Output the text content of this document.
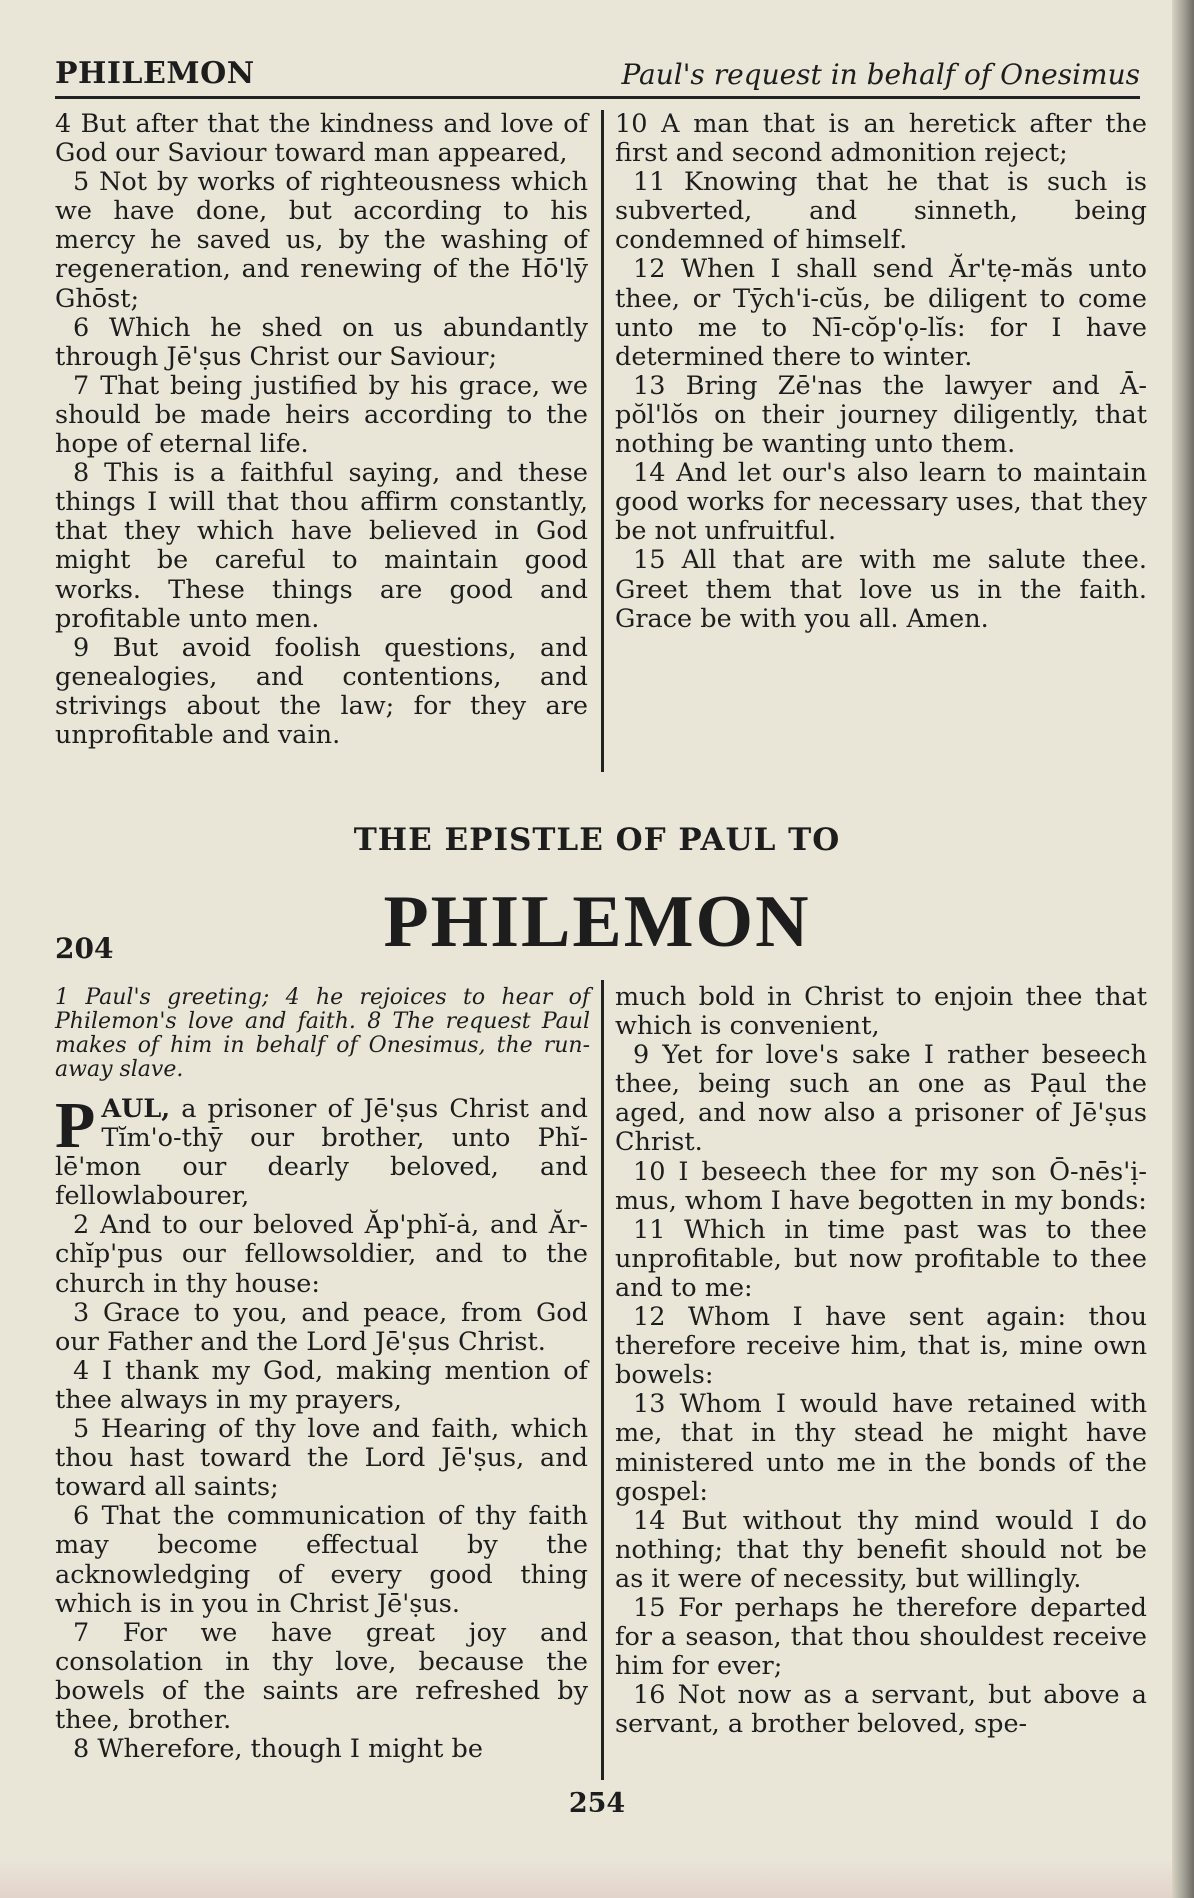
PHILEMON	Paul's request in behalf of Onesimus

4 But after that the kindness and love of God our Saviour toward man appeared,

5 Not by works of righteousness which we have done, but according to his mercy he saved us, by the washing of regeneration, and renewing of the Hō'lȳ Ghōst;

6 Which he shed on us abundantly through Jē'ṣus Christ our Saviour;

7 That being justified by his grace, we should be made heirs according to the hope of eternal life.

8 This is a faithful saying, and these things I will that thou affirm constantly, that they which have believed in God might be careful to maintain good works. These things are good and profitable unto men.

9 But avoid foolish questions, and genealogies, and contentions, and strivings about the law; for they are unprofitable and vain.

10 A man that is an heretick after the first and second admonition reject;

11 Knowing that he that is such is subverted, and sinneth, being condemned of himself.

12 When I shall send Ăr'tẹ-măs unto thee, or Tȳch'i-cŭs, be diligent to come unto me to Nī-cŏp'ọ-lĭs: for I have determined there to winter.

13 Bring Zē'nas the lawyer and Ā-pŏl'lŏs on their journey diligently, that nothing be wanting unto them.

14 And let our's also learn to maintain good works for necessary uses, that they be not unfruitful.

15 All that are with me salute thee. Greet them that love us in the faith. Grace be with you all. Amen.

THE EPISTLE OF PAUL TO
PHILEMON
204
1 Paul's greeting; 4 he rejoices to hear of Philemon's love and faith. 8 The request Paul makes of him in behalf of Onesimus, the run-away slave.

PAUL, a prisoner of Jē'ṣus Christ and Tĭm'o-thȳ our brother, unto Phĭ-lē'mon our dearly beloved, and fellowlabourer,

2 And to our beloved Ăp'phĭ-ȧ, and Ăr-chĭp'pus our fellowsoldier, and to the church in thy house:

3 Grace to you, and peace, from God our Father and the Lord Jē'ṣus Christ.

4 I thank my God, making mention of thee always in my prayers,

5 Hearing of thy love and faith, which thou hast toward the Lord Jē'ṣus, and toward all saints;

6 That the communication of thy faith may become effectual by the acknowledging of every good thing which is in you in Christ Jē'ṣus.

7 For we have great joy and consolation in thy love, because the bowels of the saints are refreshed by thee, brother.

8 Wherefore, though I might be

much bold in Christ to enjoin thee that which is convenient,

9 Yet for love's sake I rather beseech thee, being such an one as Pạul the aged, and now also a prisoner of Jē'ṣus Christ.

10 I beseech thee for my son Ō-nēs'ị-mus, whom I have begotten in my bonds:

11 Which in time past was to thee unprofitable, but now profitable to thee and to me:

12 Whom I have sent again: thou therefore receive him, that is, mine own bowels:

13 Whom I would have retained with me, that in thy stead he might have ministered unto me in the bonds of the gospel:

14 But without thy mind would I do nothing; that thy benefit should not be as it were of necessity, but willingly.

15 For perhaps he therefore departed for a season, that thou shouldest receive him for ever;

16 Not now as a servant, but above a servant, a brother beloved, spe-

254
